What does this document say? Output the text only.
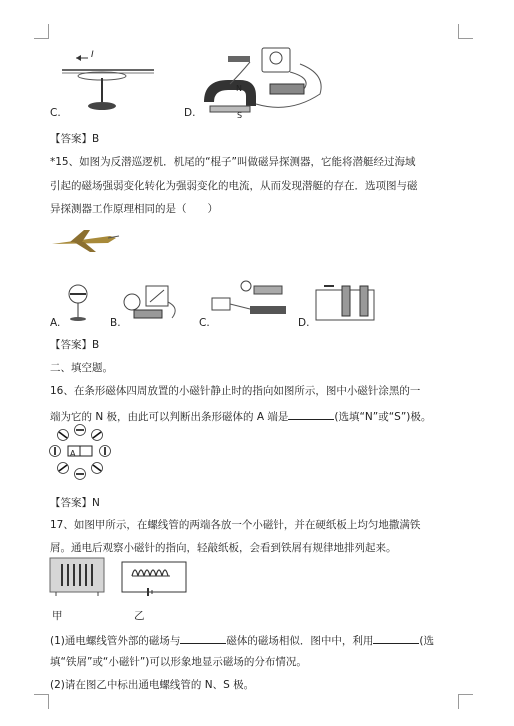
I
N
S
C.	D.
【答案】B
*15、如图为反潜巡逻机．机尾的“棍子”叫做磁异探测器，它能将潜艇经过海域
引起的磁场强弱变化转化为强弱变化的电流，从而发现潜艇的存在．选项图与磁
异探测器工作原理相同的是（　　）
A.	B.	C.	D.
【答案】B
二、填空题。
16、在条形磁体四周放置的小磁针静止时的指向如图所示，图中小磁针涂黑的一
端为它的 N 极，由此可以判断出条形磁体的 A 端是	(选填“N”或“S”)极。
A
【答案】N
17、如图甲所示，在螺线管的两端各放一个小磁针，并在硬纸板上均匀地撒满铁
屑。通电后观察小磁针的指向，轻敲纸板，会看到铁屑有规律地排列起来。
甲	乙
(1)通电螺线管外部的磁场与	磁体的磁场相似．图中中，利用	(选
填“铁屑”或“小磁针”)可以形象地显示磁场的分布情况。
(2)请在图乙中标出通电螺线管的 N、S 极。
